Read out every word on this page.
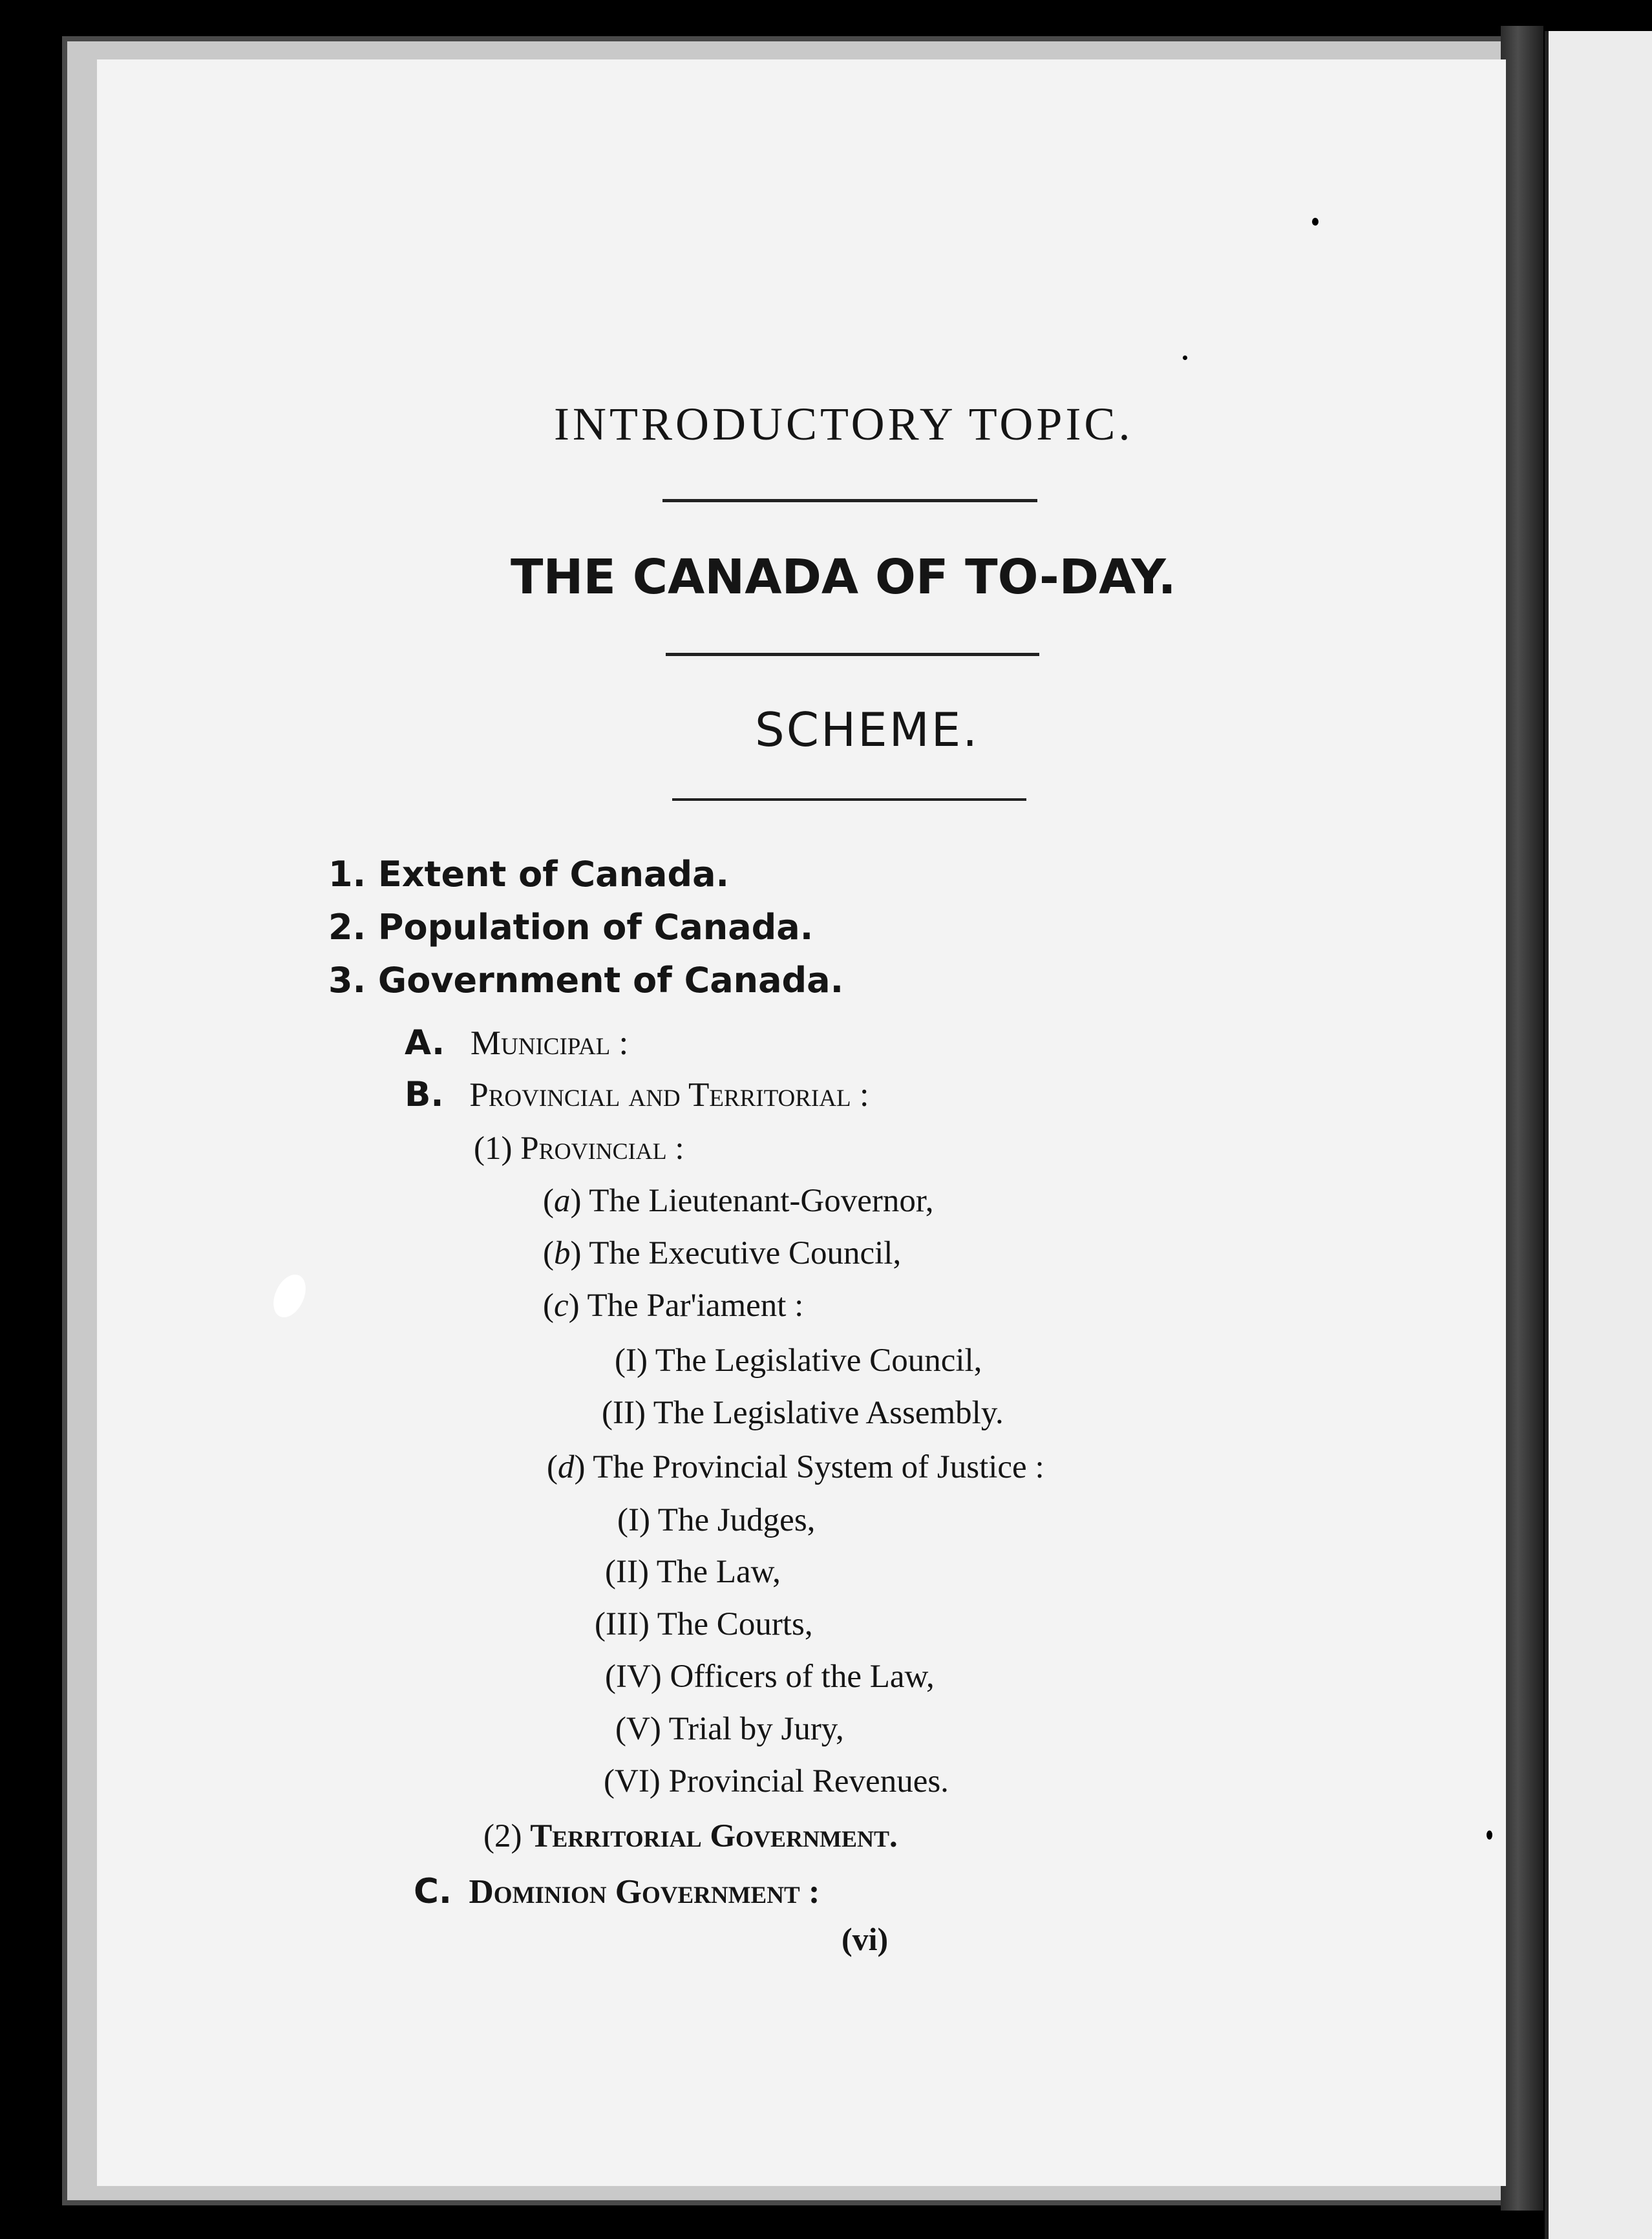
INTRODUCTORY TOPIC.
THE CANADA OF TO-DAY.
SCHEME.
1. Extent of Canada.
2. Population of Canada.
3. Government of Canada.
A. Municipal :
B. Provincial and Territorial :
(1) Provincial :
(a) The Lieutenant-Governor,
(b) The Executive Council,
(c) The Par'iament :
(I) The Legislative Council,
(II) The Legislative Assembly.
(d) The Provincial System of Justice :
(I) The Judges,
(II) The Law,
(III) The Courts,
(IV) Officers of the Law,
(V) Trial by Jury,
(VI) Provincial Revenues.
(2) Territorial Government.
C. Dominion Government :
(vi)
